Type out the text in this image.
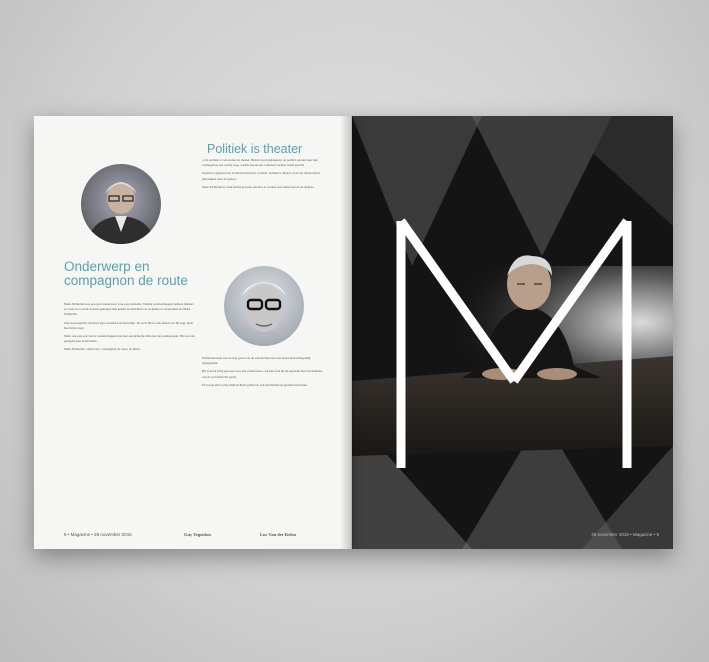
Onderwerp en compagnon de route
Politiek is theater

Mark Elchardus was een goed onderwerp voor een journalist. Weinig wetenschappers hebben immers zo vaak en zo sterk de kans gekregen hun kennis en inzichten via de media te verspreiden als Mark Elchardus.

Zijn sociologische analyses zijn veranderd en bevestigd. En toch. Het is niet alleen wat hij zegt, maar hoe hij het zegt.

Mark was een ook van de wetenschappers die met een kritische blik naar de politiek keek. Hij was een geregeld gast in het debat.

Mark Elchardus: onderwerp, compagnon de route, en likely.

« De politiek is verworden tot theater. Beleid wordt gebakkeld, de politici acteren naar hun vermogen in een reality soap, waarin steeds een collectief oordeel wordt geveld.

Ernaast is gebeurd wat de Mark Elchardus vertelde: politiek is theater, en in dat theater moet men kijken naar de spelers.

Mark Elchardus is vaak bereid geweest om mee te werken aan onderzoek en de analyse.

Elchardus heeft ook de stap gezet van de wetenschap naar een breed maatschappelijk engagement.

Hij is nooit bang geweest voor een controverse, ook niet toen hij de reputatie had van bediener van de socialistische partij.

En boven alles is hij altijd zichzelf gebleven, een bescheiden en gereflecteerd man.

8 • Magazine • 28 november 2016	Guy Tegenbos	Luc Van der Kelen	28 november 2016 • Magazine • 9
